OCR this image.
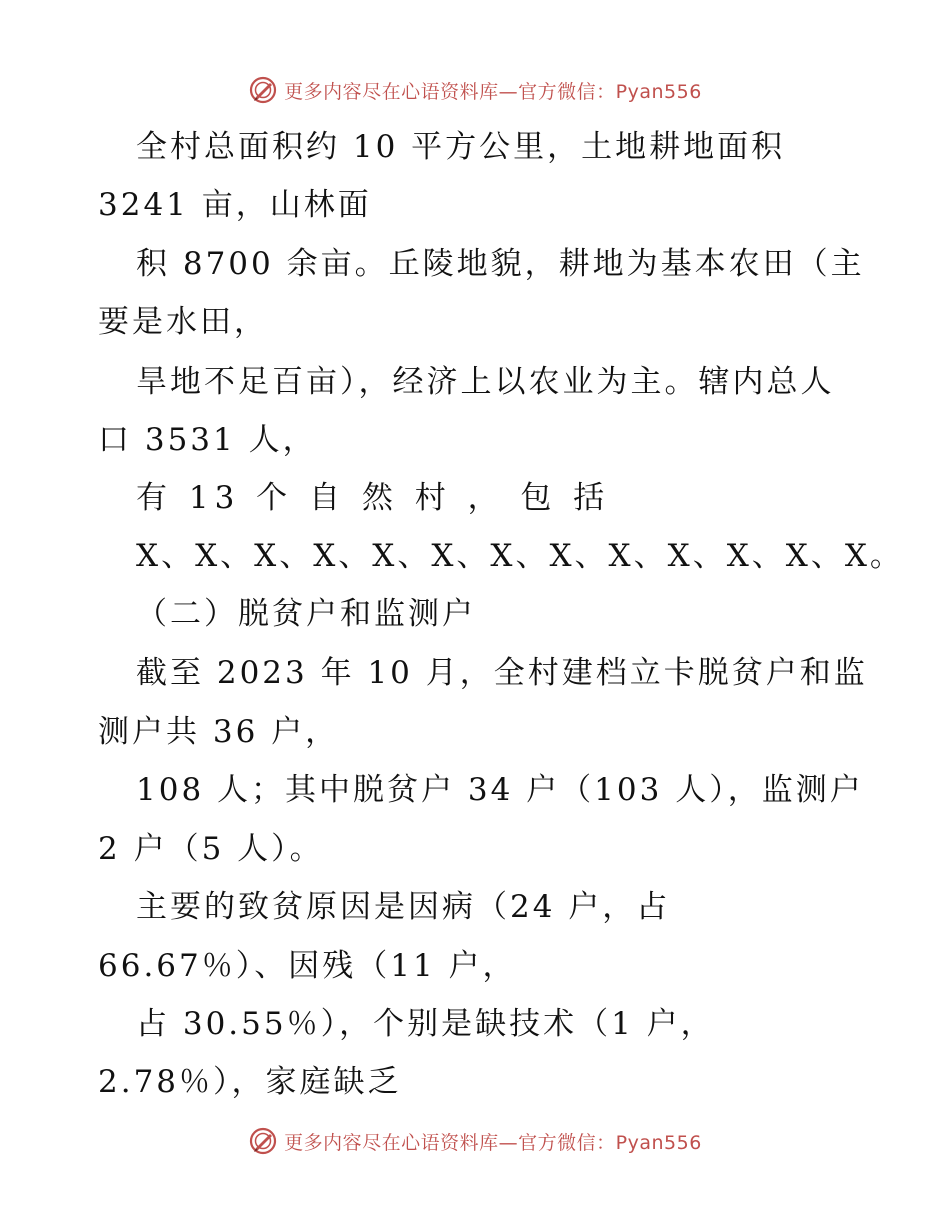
更多内容尽在心语资料库—官方微信：Pyan556
全村总面积约 10 平方公里，土地耕地面积
3241 亩，山林面
积 8700 余亩。丘陵地貌，耕地为基本农田（主
要是水田，
旱地不足百亩），经济上以农业为主。辖内总人
口 3531 人，
有 13 个 自 然 村 ， 包 括
X、X、X、X、X、X、X、X、X、X、X、X、X。
（二）脱贫户和监测户
截至 2023 年 10 月，全村建档立卡脱贫户和监
测户共 36 户，
108 人；其中脱贫户 34 户（103 人），监测户
2 户（5 人）。
主要的致贫原因是因病（24 户，占
66.67％）、因残（11 户，
占 30.55％），个别是缺技术（1 户，
2.78％），家庭缺乏
更多内容尽在心语资料库—官方微信：Pyan556
